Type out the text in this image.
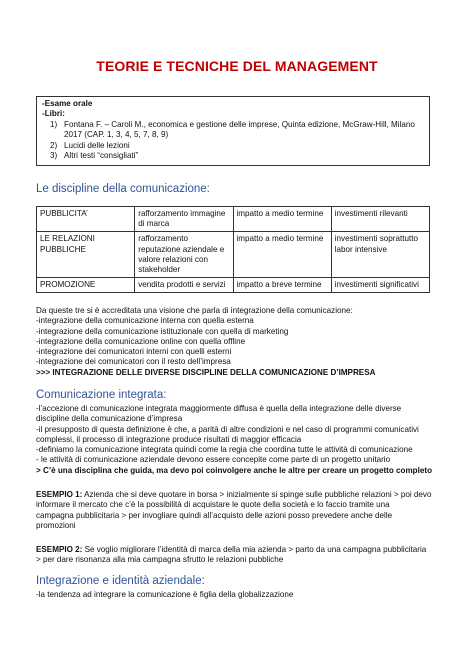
TEORIE E TECNICHE DEL MANAGEMENT
-Esame orale
-Libri:
1) Fontana F. – Caroli M., economica e gestione delle imprese, Quinta edizione, McGraw-Hill, Milano 2017 (CAP. 1, 3, 4, 5, 7, 8, 9)
2) Lucidi delle lezioni
3) Altri testi “consigliati”
Le discipline della comunicazione:
PUBBLICITA’	rafforzamento immagine di marca	impatto a medio termine	investimenti rilevanti
LE RELAZIONI PUBBLICHE	rafforzamento reputazione aziendale e valore relazioni con stakeholder	impatto a medio termine	investimenti soprattutto labor intensive
PROMOZIONE	vendita prodotti e servizi	impatto a breve termine	investimenti significativi
Da queste tre si è accreditata una visione che parla di integrazione della comunicazione:
-integrazione della comunicazione interna con quella esterna
-integrazione della comunicazione istituzionale con quella di marketing
-integrazione della comunicazione online con quella offline
-integrazione dei comunicatori interni con quelli esterni
-integrazione dei comunicatori con il resto dell’impresa
>>> INTEGRAZIONE DELLE DIVERSE DISCIPLINE DELLA COMUNICAZIONE D’IMPRESA
Comunicazione integrata:
-l’accezione di comunicazione integrata maggiormente diffusa è quella della integrazione delle diverse
discipline della comunicazione d’impresa
-il presupposto di questa definizione è che, a parità di altre condizioni e nel caso di programmi comunicativi
complessi, il processo di integrazione produce risultati di maggior efficacia
-definiamo la comunicazione integrata quindi come la regia che coordina tutte le attività di comunicazione
- le attività di comunicazione aziendale devono essere concepite come parte di un progetto unitario
> C’è una disciplina che guida, ma devo poi coinvolgere anche le altre per creare un progetto completo
ESEMPIO 1: Azienda che si deve quotare in borsa > inizialmente si spinge sulle pubbliche relazioni > poi devo
informare il mercato che c’è la possibilità di acquistare le quote della società e lo faccio tramite una
campagna pubblicitaria > per invogliare quindi all’acquisto delle azioni posso prevedere anche delle
promozioni
ESEMPIO 2: Se voglio migliorare l’identità di marca della mia azienda > parto da una campagna pubblicitaria
> per dare risonanza alla mia campagna sfrutto le relazioni pubbliche
Integrazione e identità aziendale:
-la tendenza ad integrare la comunicazione è figlia della globalizzazione
